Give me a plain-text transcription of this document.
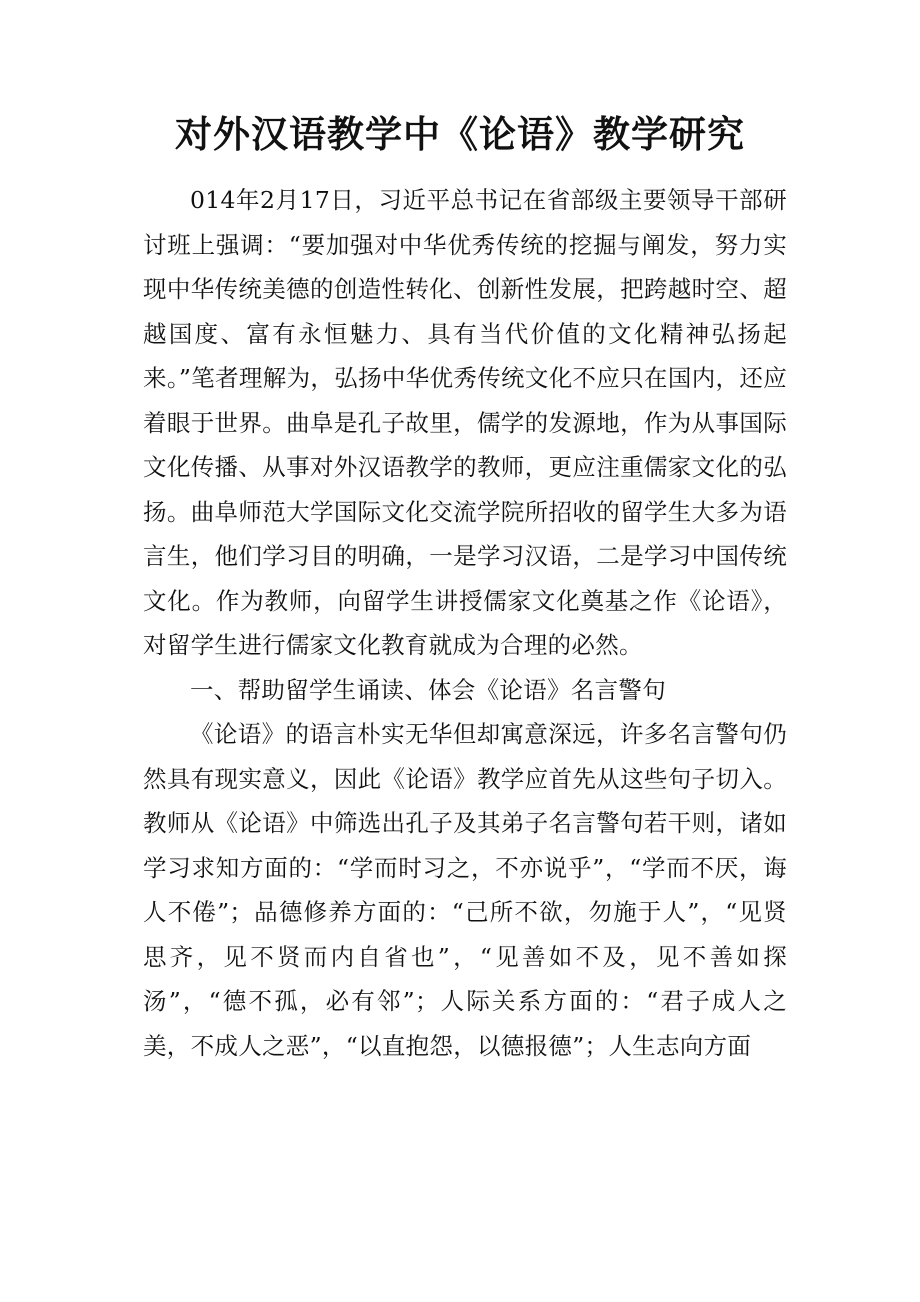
对外汉语教学中《论语》教学研究

014年2月17日，习近平总书记在省部级主要领导干部研讨班上强调：“要加强对中华优秀传统的挖掘与阐发，努力实现中华传统美德的创造性转化、创新性发展，把跨越时空、超越国度、富有永恒魅力、具有当代价值的文化精神弘扬起来。”笔者理解为，弘扬中华优秀传统文化不应只在国内，还应着眼于世界。曲阜是孔子故里，儒学的发源地，作为从事国际文化传播、从事对外汉语教学的教师，更应注重儒家文化的弘扬。曲阜师范大学国际文化交流学院所招收的留学生大多为语言生，他们学习目的明确，一是学习汉语，二是学习中国传统文化。作为教师，向留学生讲授儒家文化奠基之作《论语》，对留学生进行儒家文化教育就成为合理的必然。

一、帮助留学生诵读、体会《论语》名言警句

《论语》的语言朴实无华但却寓意深远，许多名言警句仍然具有现实意义，因此《论语》教学应首先从这些句子切入。教师从《论语》中筛选出孔子及其弟子名言警句若干则，诸如学习求知方面的：“学而时习之，不亦说乎”，“学而不厌，诲人不倦”；品德修养方面的：“己所不欲，勿施于人”，“见贤思齐，见不贤而内自省也”，“见善如不及，见不善如探汤”，“德不孤，必有邻”；人际关系方面的：“君子成人之美，不成人之恶”，“以直抱怨，以德报德”；人生志向方面
